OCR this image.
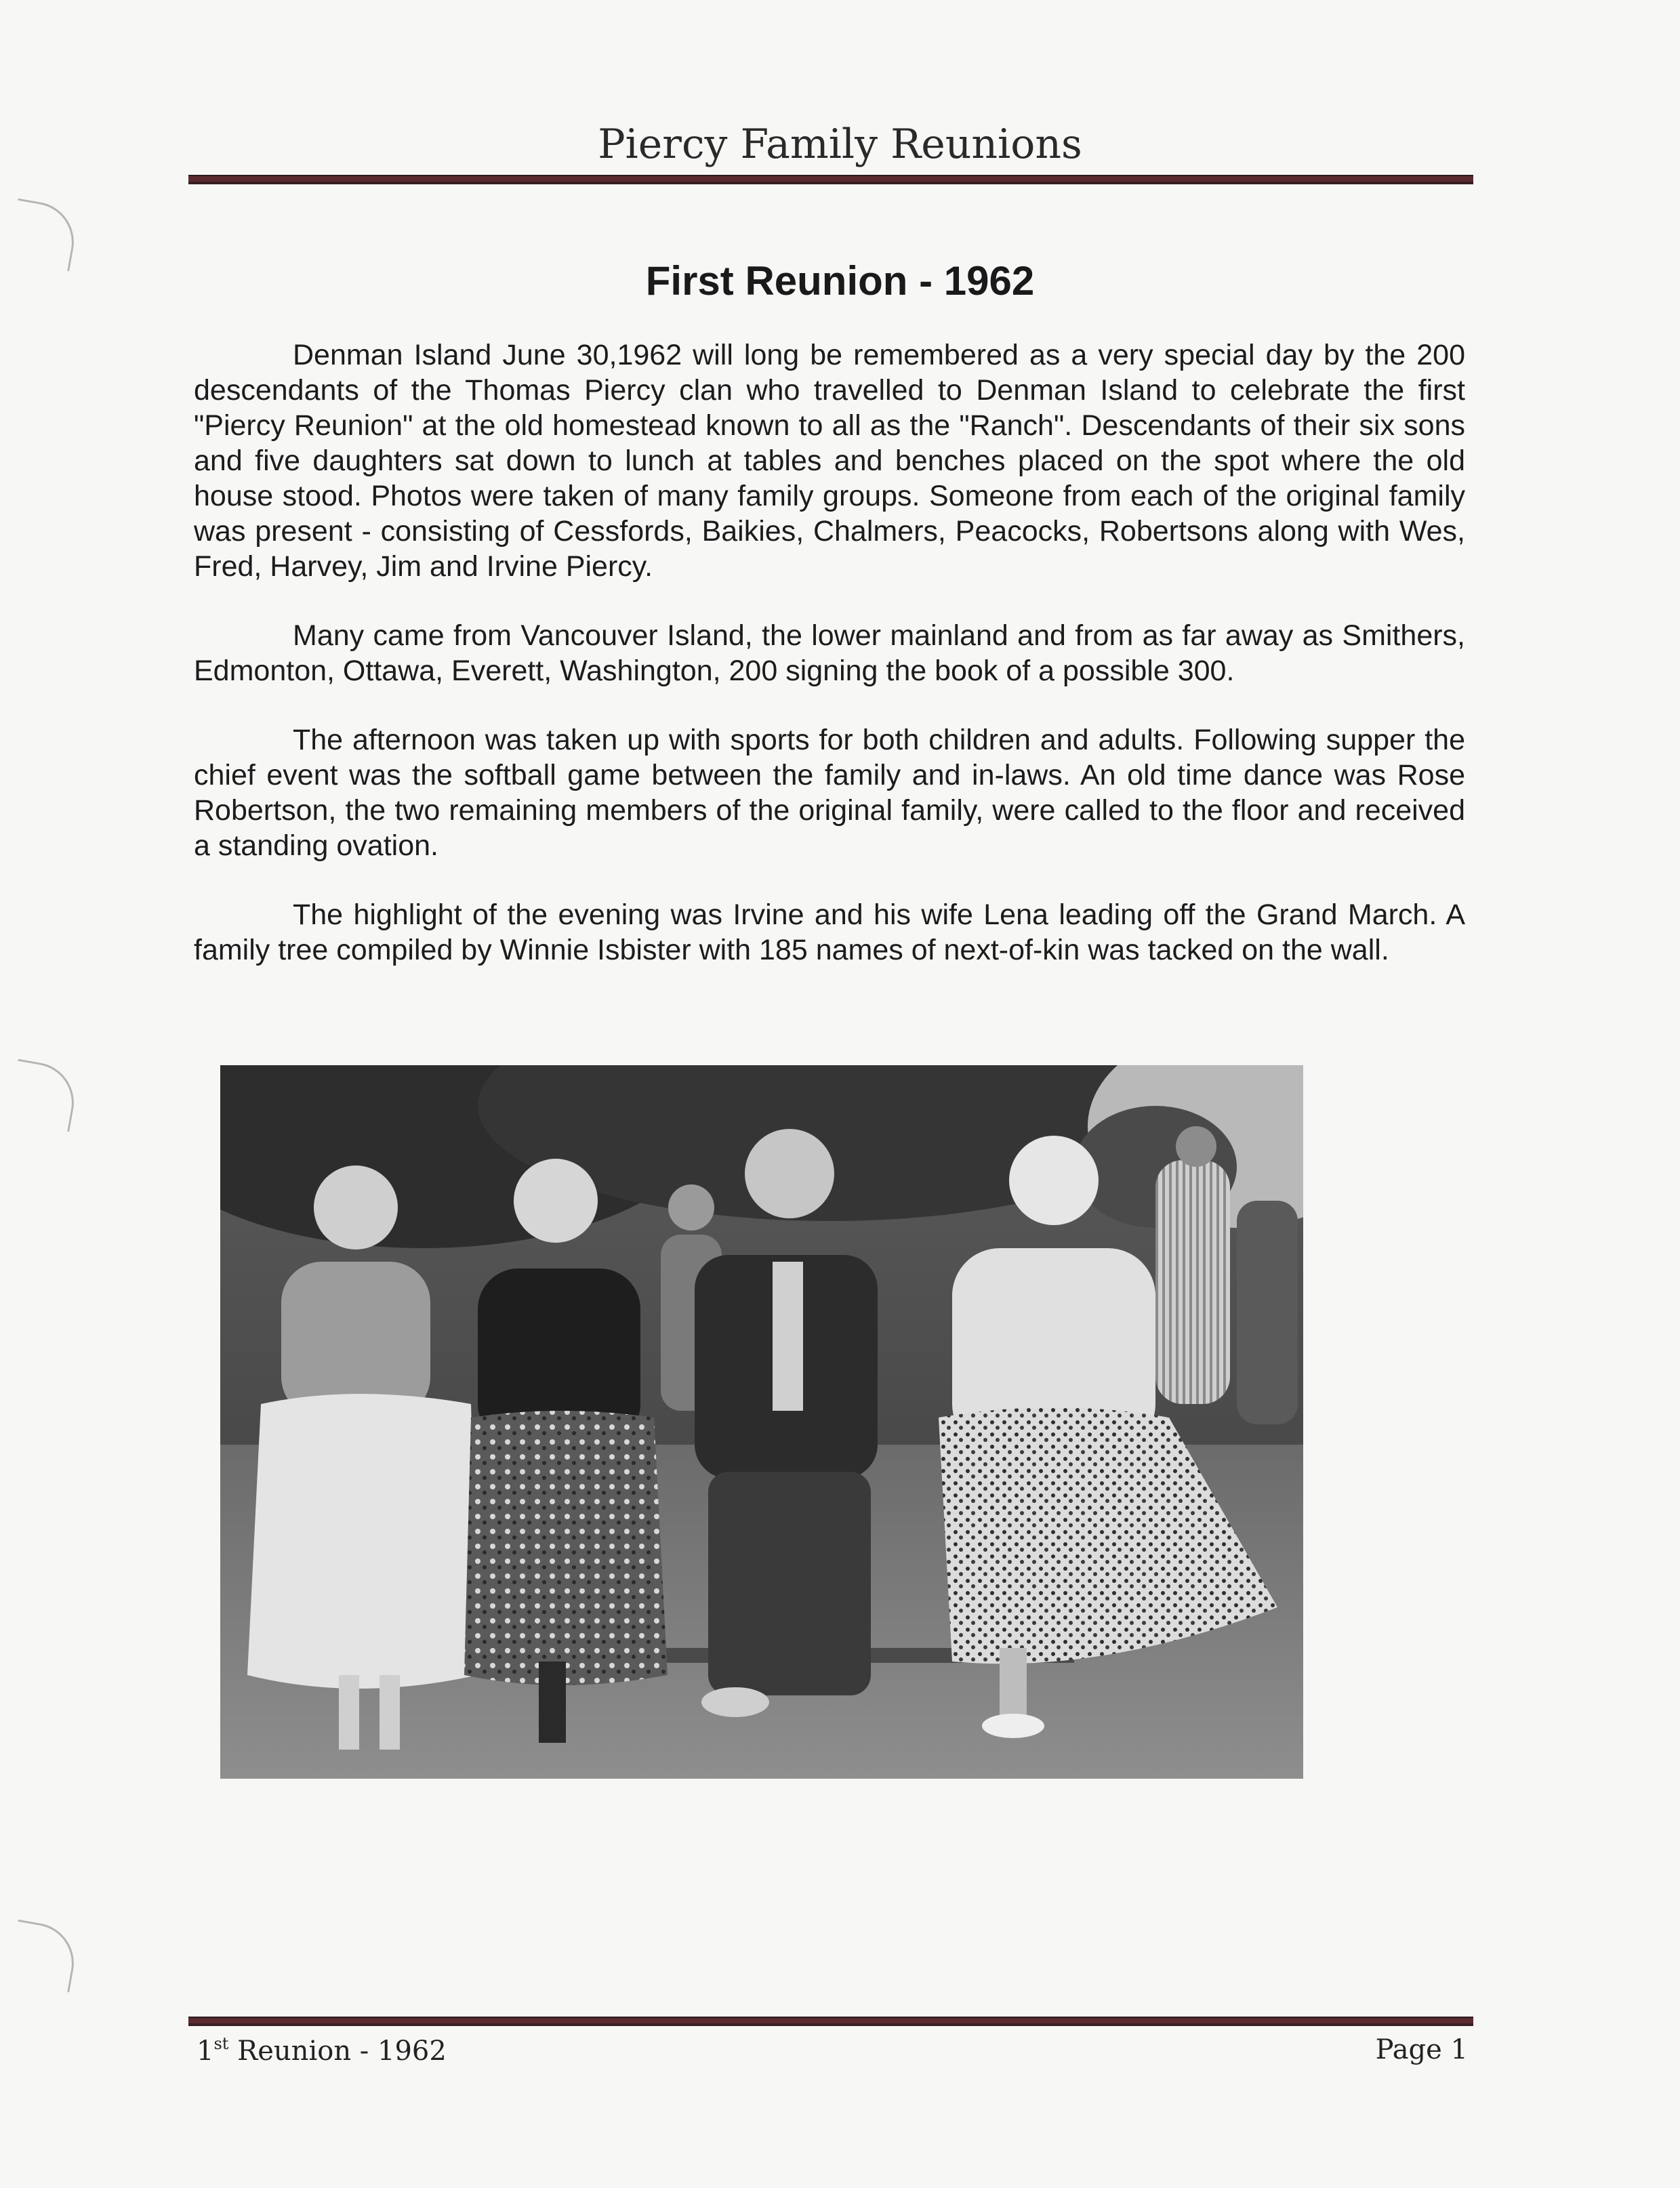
Piercy Family Reunions
First Reunion - 1962

Denman Island June 30,1962 will long be remembered as a very special day by the 200 descendants of the Thomas Piercy clan who travelled to Denman Island to celebrate the first "Piercy Reunion" at the old homestead known to all as the "Ranch". Descendants of their six sons and five daughters sat down to lunch at tables and benches placed on the spot where the old house stood. Photos were taken of many family groups. Someone from each of the original family was present - consisting of Cessfords, Baikies, Chalmers, Peacocks, Robertsons along with Wes, Fred, Harvey, Jim and Irvine Piercy.

Many came from Vancouver Island, the lower mainland and from as far away as Smithers, Edmonton, Ottawa, Everett, Washington, 200 signing the book of a possible 300.

The afternoon was taken up with sports for both children and adults. Following supper the chief event was the softball game between the family and in-laws. An old time dance was Rose Robertson, the two remaining members of the original family, were called to the floor and received a standing ovation.

The highlight of the evening was Irvine and his wife Lena leading off the Grand March. A family tree compiled by Winnie Isbister with 185 names of next-of-kin was tacked on the wall.

1st Reunion - 1962	Page 1
